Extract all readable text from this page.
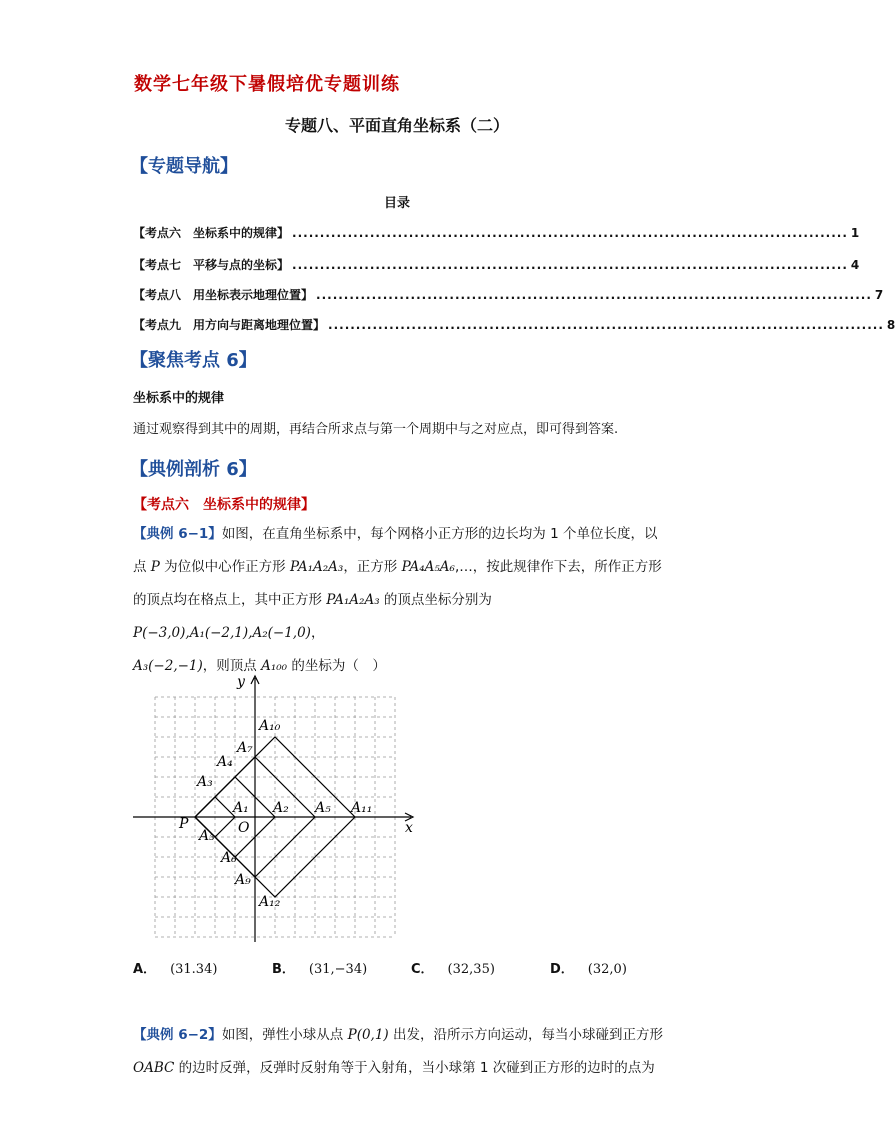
数学七年级下暑假培优专题训练
专题八、平面直角坐标系（二）
【专题导航】
目录
【考点六　坐标系中的规律】 .................................................................................................... 1
【考点七　平移与点的坐标】 .................................................................................................... 4
【考点八　用坐标表示地理位置】 .................................................................................................... 7
【考点九　用方向与距离地理位置】 .................................................................................................... 8
【聚焦考点 6】
坐标系中的规律
通过观察得到其中的周期，再结合所求点与第一个周期中与之对应点，即可得到答案.
【典例剖析 6】
【考点六　坐标系中的规律】
【典例 6−1】如图，在直角坐标系中，每个网格小正方形的边长均为 1 个单位长度，以
点 P 为位似中心作正方形 PA₁A₂A₃，正方形 PA₄A₅A₆,…，按此规律作下去，所作正方形
的顶点均在格点上，其中正方形 PA₁A₂A₃ 的顶点坐标分别为 P(−3,0),A₁(−2,1),A₂(−1,0)，
A₃(−2,−1)，则顶点 A₁₀₀ 的坐标为（　）
y
x
O
P
A₁ A₂
A₃
A₄
A₅
A₆
A₇
A₉
A₁₀
A₁₁
A₁₂
A₃
A． (31.34)	B． (31,−34)	C． (32,35)	D． (32,0)
【典例 6−2】如图，弹性小球从点 P(0,1) 出发，沿所示方向运动，每当小球碰到正方形
OABC 的边时反弹，反弹时反射角等于入射角，当小球第 1 次碰到正方形的边时的点为
